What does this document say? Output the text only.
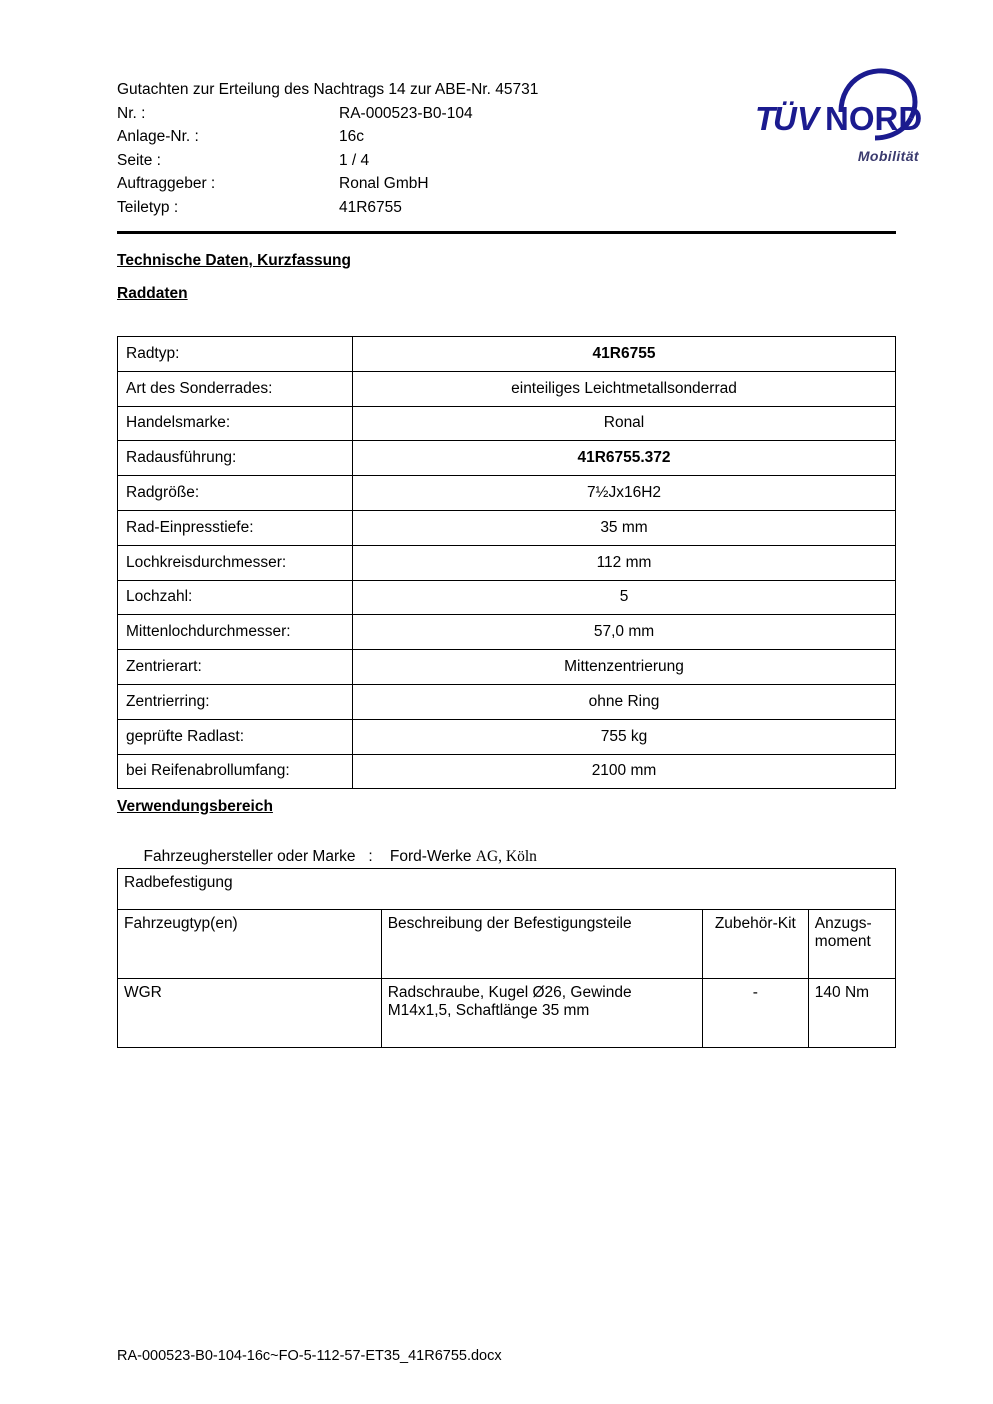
Gutachten zur Erteilung des Nachtrags 14 zur ABE-Nr. 45731
Nr. :	RA-000523-B0-104
Anlage-Nr. :	16c
Seite :	1 / 4
Auftraggeber :	Ronal GmbH
Teiletyp :	41R6755
T
Ü V NORD
Mobilität
Technische Daten, Kurzfassung
Raddaten
Radtyp:	41R6755
Art des Sonderrades:	einteiliges Leichtmetallsonderrad
Handelsmarke:	Ronal
Radausführung:	41R6755.372
Radgröße:	7½Jx16H2
Rad-Einpresstiefe:	35 mm
Lochkreisdurchmesser:	112 mm
Lochzahl:	5
Mittenlochdurchmesser:	57,0 mm
Zentrierart:	Mittenzentrierung
Zentrierring:	ohne Ring
geprüfte Radlast:	755 kg
bei Reifenabrollumfang:	2100 mm
Verwendungsbereich

Fahrzeughersteller oder Marke   :    Ford-Werke AG, Köln

Radbefestigung			
Fahrzeugtyp(en)	Beschreibung der Befestigungsteile	Zubehör-Kit	Anzugs-
moment

WGR	Radschraube, Kugel Ø26, Gewinde
M14x1,5, Schaftlänge 35 mm	-	140 Nm
RA-000523-B0-104-16c~FO-5-112-57-ET35_41R6755.docx
